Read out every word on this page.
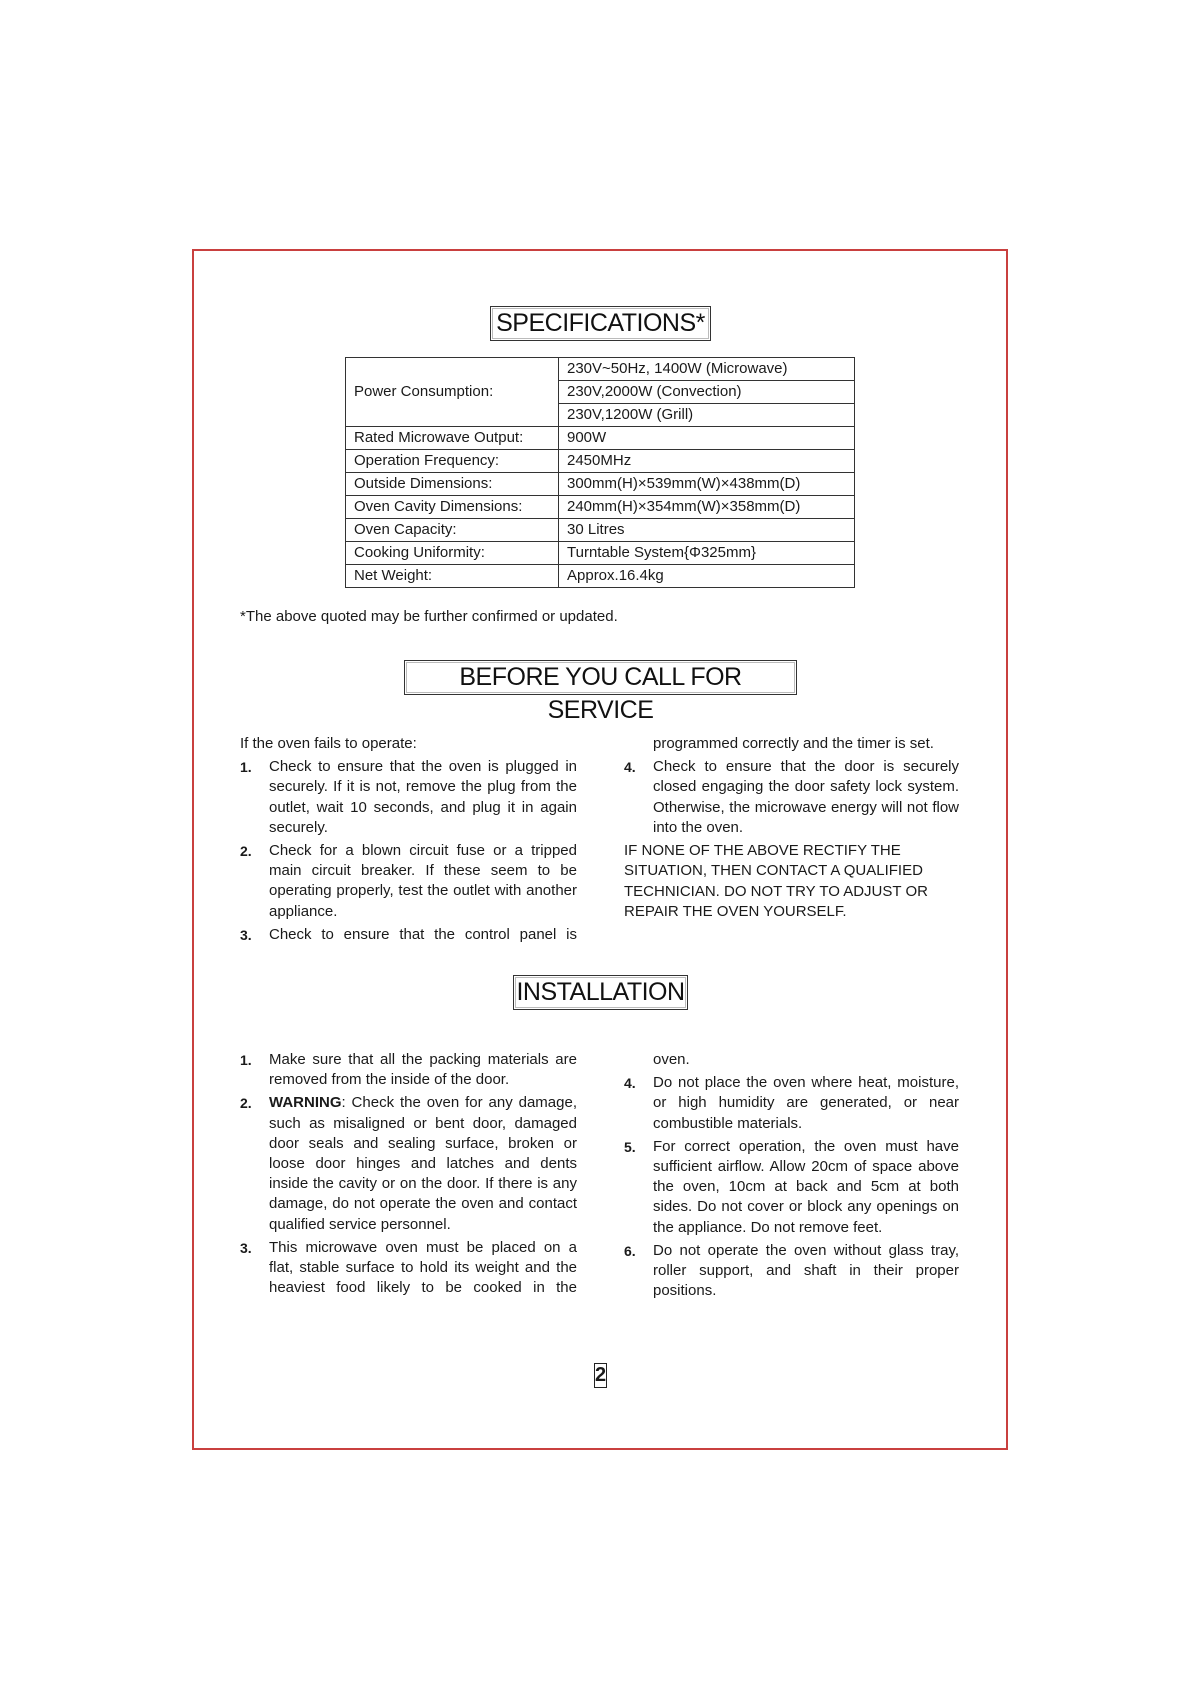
SPECIFICATIONS*
Power Consumption:	230V~50Hz, 1400W (Microwave)
	230V,2000W (Convection)
	230V,1200W (Grill)
Rated Microwave Output:	900W
Operation Frequency:	2450MHz
Outside Dimensions:	300mm(H)×539mm(W)×438mm(D)
Oven Cavity Dimensions:	240mm(H)×354mm(W)×358mm(D)
Oven Capacity:	30 Litres
Cooking Uniformity:	Turntable System{Φ325mm}
Net Weight:	Approx.16.4kg
*The above quoted may be further confirmed or updated.
BEFORE YOU CALL FOR SERVICE

If the oven fails to operate:

1. Check to ensure that the oven is plugged in securely. If it is not, remove the plug from the outlet, wait 10 seconds, and plug it in again securely.

2. Check for a blown circuit fuse or a tripped main circuit breaker. If these seem to be operating properly, test the outlet with another appliance.

3. Check to ensure that the control panel is

programmed correctly and the timer is set.

4. Check to ensure that the door is securely closed engaging the door safety lock system. Otherwise, the microwave energy will not flow into the oven.

IF NONE OF THE ABOVE RECTIFY THE SITUATION, THEN CONTACT A QUALIFIED TECHNICIAN. DO NOT TRY TO ADJUST OR REPAIR THE OVEN YOURSELF.

INSTALLATION
1. Make sure that all the packing materials are removed from the inside of the door.

2. WARNING: Check the oven for any damage, such as misaligned or bent door, damaged door seals and sealing surface, broken or loose door hinges and latches and dents inside the cavity or on the door. If there is any damage, do not operate the oven and contact qualified service personnel.

3. This microwave oven must be placed on a flat, stable surface to hold its weight and the heaviest food likely to be cooked in the

oven.

4. Do not place the oven where heat, moisture, or high humidity are generated, or near combustible materials.

5. For correct operation, the oven must have sufficient airflow. Allow 20cm of space above the oven, 10cm at back and 5cm at both sides. Do not cover or block any openings on the appliance. Do not remove feet.

6. Do not operate the oven without glass tray, roller support, and shaft in their proper positions.

2
